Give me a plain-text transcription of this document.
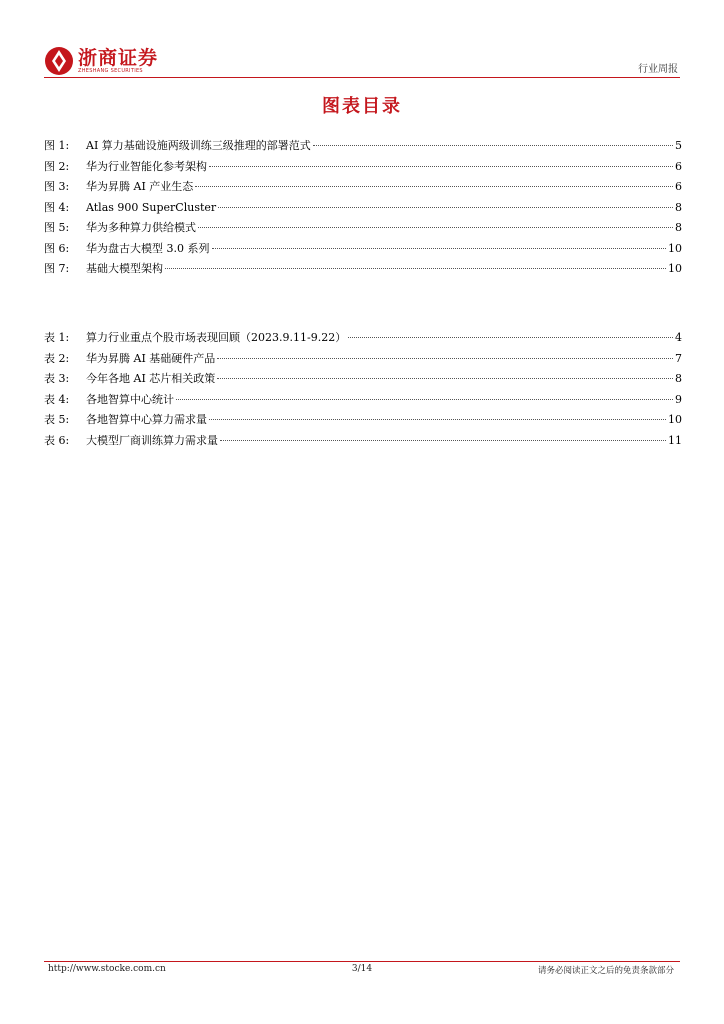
浙商证券
ZHESHANG SECURITIES	行业周报
图表目录
图 1:	AI 算力基础设施两级训练三级推理的部署范式	5
图 2:	华为行业智能化参考架构	6
图 3:	华为昇腾 AI 产业生态	6
图 4:	Atlas 900 SuperCluster	8
图 5:	华为多种算力供给模式	8
图 6:	华为盘古大模型 3.0 系列	10
图 7:	基础大模型架构	10
表 1:	算力行业重点个股市场表现回顾（2023.9.11-9.22）	4
表 2:	华为昇腾 AI 基础硬件产品	7
表 3:	今年各地 AI 芯片相关政策	8
表 4:	各地智算中心统计	9
表 5:	各地智算中心算力需求量	10
表 6:	大模型厂商训练算力需求量	11
http://www.stocke.com.cn	3/14	请务必阅读正文之后的免责条款部分
